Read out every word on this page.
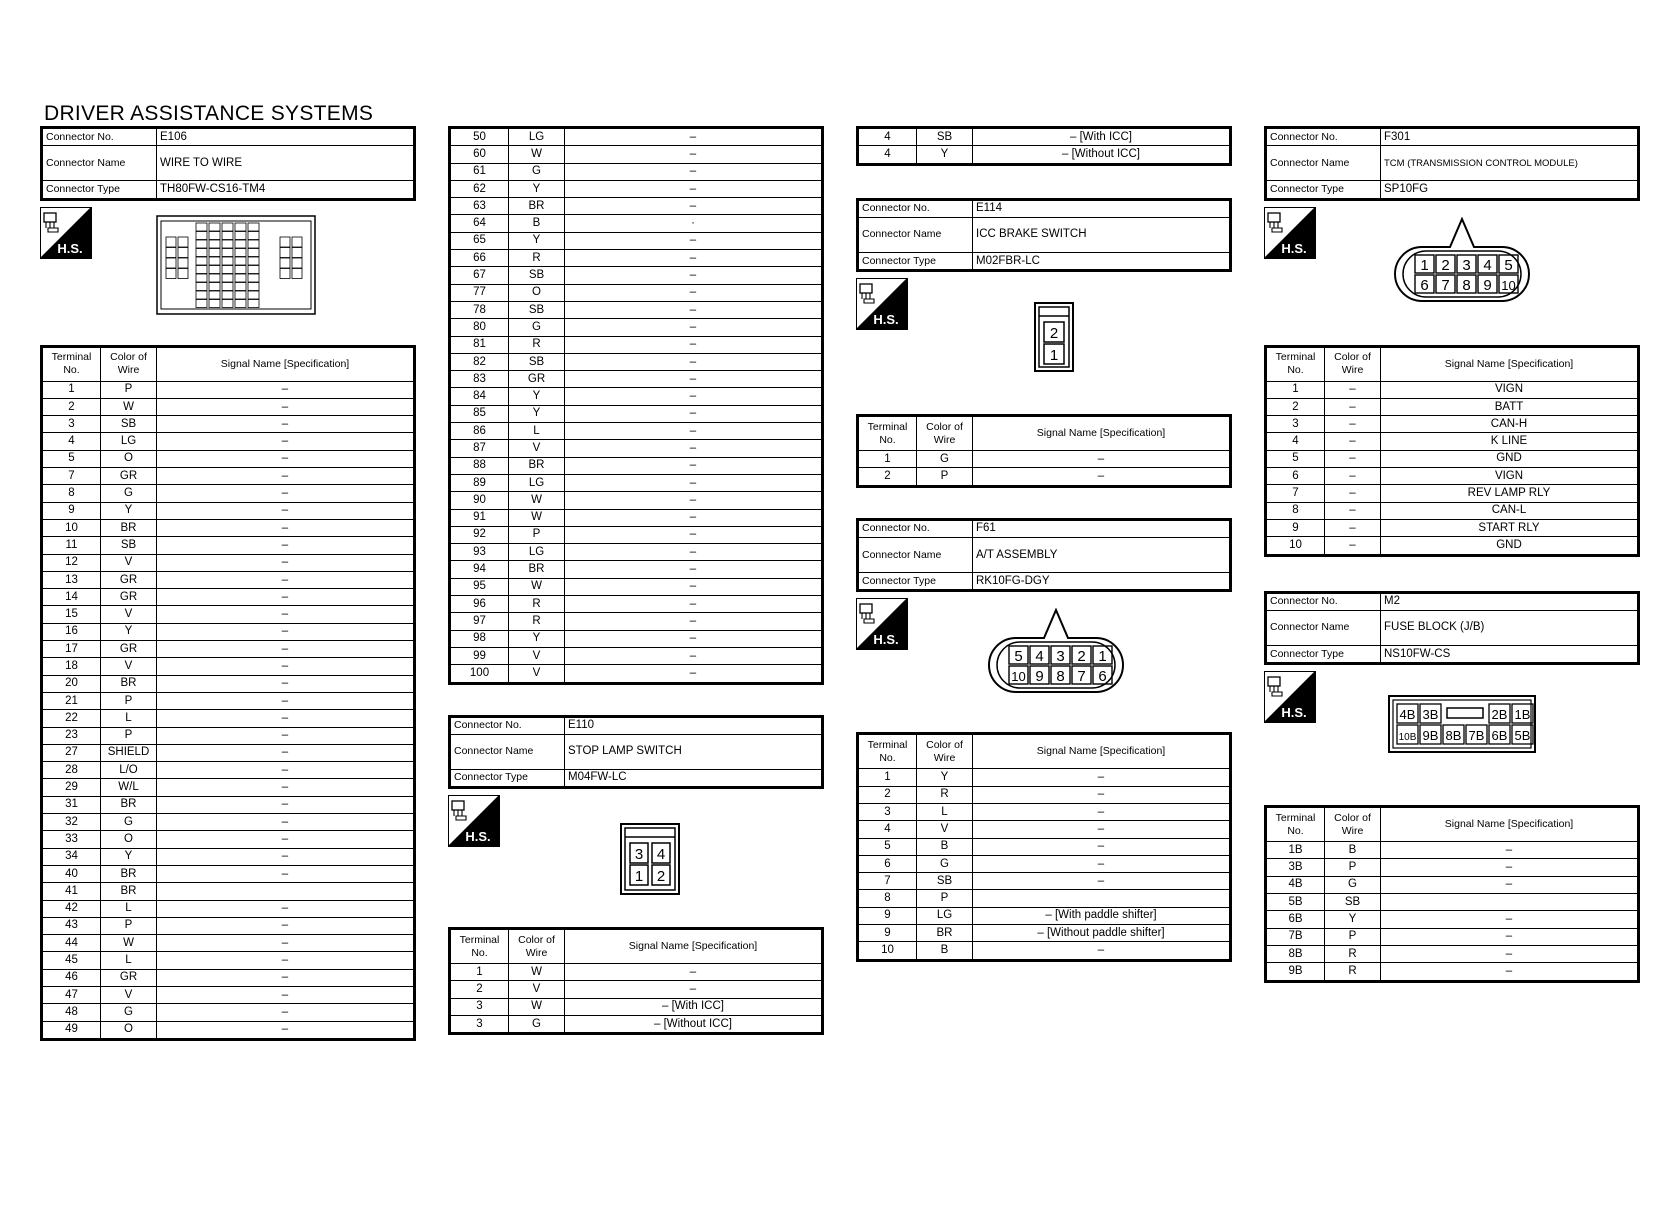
DRIVER ASSISTANCE SYSTEMS
Connector No.	E106
Connector Name	WIRE TO WIRE
Connector Type	TH80FW-CS16-TM4
H.S.
Terminal No.	Color of Wire	Signal Name [Specification]
1	P	–
2	W	–
3	SB	–
4	LG	–
5	O	–
7	GR	–
8	G	–
9	Y	–
10	BR	–
11	SB	–
12	V	–
13	GR	–
14	GR	–
15	V	–
16	Y	–
17	GR	–
18	V	–
20	BR	–
21	P	–
22	L	–
23	P	–
27	SHIELD	–
28	L/O	–
29	W/L	–
31	BR	–
32	G	–
33	O	–
34	Y	–
40	BR	–
41	BR	
42	L	–
43	P	–
44	W	–
45	L	–
46	GR	–
47	V	–
48	G	–
49	O	–
50	LG	–
60	W	–
61	G	–
62	Y	–
63	BR	–
64	B	·
65	Y	–
66	R	–
67	SB	–
77	O	–
78	SB	–
80	G	–
81	R	–
82	SB	–
83	GR	–
84	Y	–
85	Y	–
86	L	–
87	V	–
88	BR	–
89	LG	–
90	W	–
91	W	–
92	P	–
93	LG	–
94	BR	–
95	W	–
96	R	–
97	R	–
98	Y	–
99	V	–
100	V	–
Connector No.	E110
Connector Name	STOP LAMP SWITCH
Connector Type	M04FW-LC
H.S.
3 4
1 2
Terminal No.	Color of Wire	Signal Name [Specification]
1	W	–
2	V	–
3	W	– [With ICC]
3	G	– [Without ICC]
4	SB	– [With ICC]
4	Y	– [Without ICC]
Connector No.	E114
Connector Name	ICC BRAKE SWITCH
Connector Type	M02FBR-LC
H.S.
2
1
Terminal No.	Color of Wire	Signal Name [Specification]
1	G	–
2	P	–
Connector No.	F61
Connector Name	A/T ASSEMBLY
Connector Type	RK10FG-DGY
H.S.
5
10
4
9
3
8
2
7
1
6
Terminal No.	Color of Wire	Signal Name [Specification]
1	Y	–
2	R	–
3	L	–
4	V	–
5	B	–
6	G	–
7	SB	–
8	P	
9	LG	– [With paddle shifter]
9	BR	– [Without paddle shifter]
10	B	–
Connector No.	F301
Connector Name	TCM (TRANSMISSION CONTROL MODULE)
Connector Type	SP10FG
H.S.
1
6
2
7
3
8
4
9
5
10
Terminal No.	Color of Wire	Signal Name [Specification]
1	–	VIGN
2	–	BATT
3	–	CAN-H
4	–	K LINE
5	–	GND
6	–	VIGN
7	–	REV LAMP RLY
8	–	CAN-L
9	–	START RLY
10	–	GND
Connector No.	M2
Connector Name	FUSE BLOCK (J/B)
Connector Type	NS10FW-CS
H.S.	4B 3B	2B 1B
10B 9B 8B 7B 6B 5B
Terminal No.	Color of Wire	Signal Name [Specification]
1B	B	–
3B	P	–
4B	G	–
5B	SB	
6B	Y	–
7B	P	–
8B	R	–
9B	R	–
